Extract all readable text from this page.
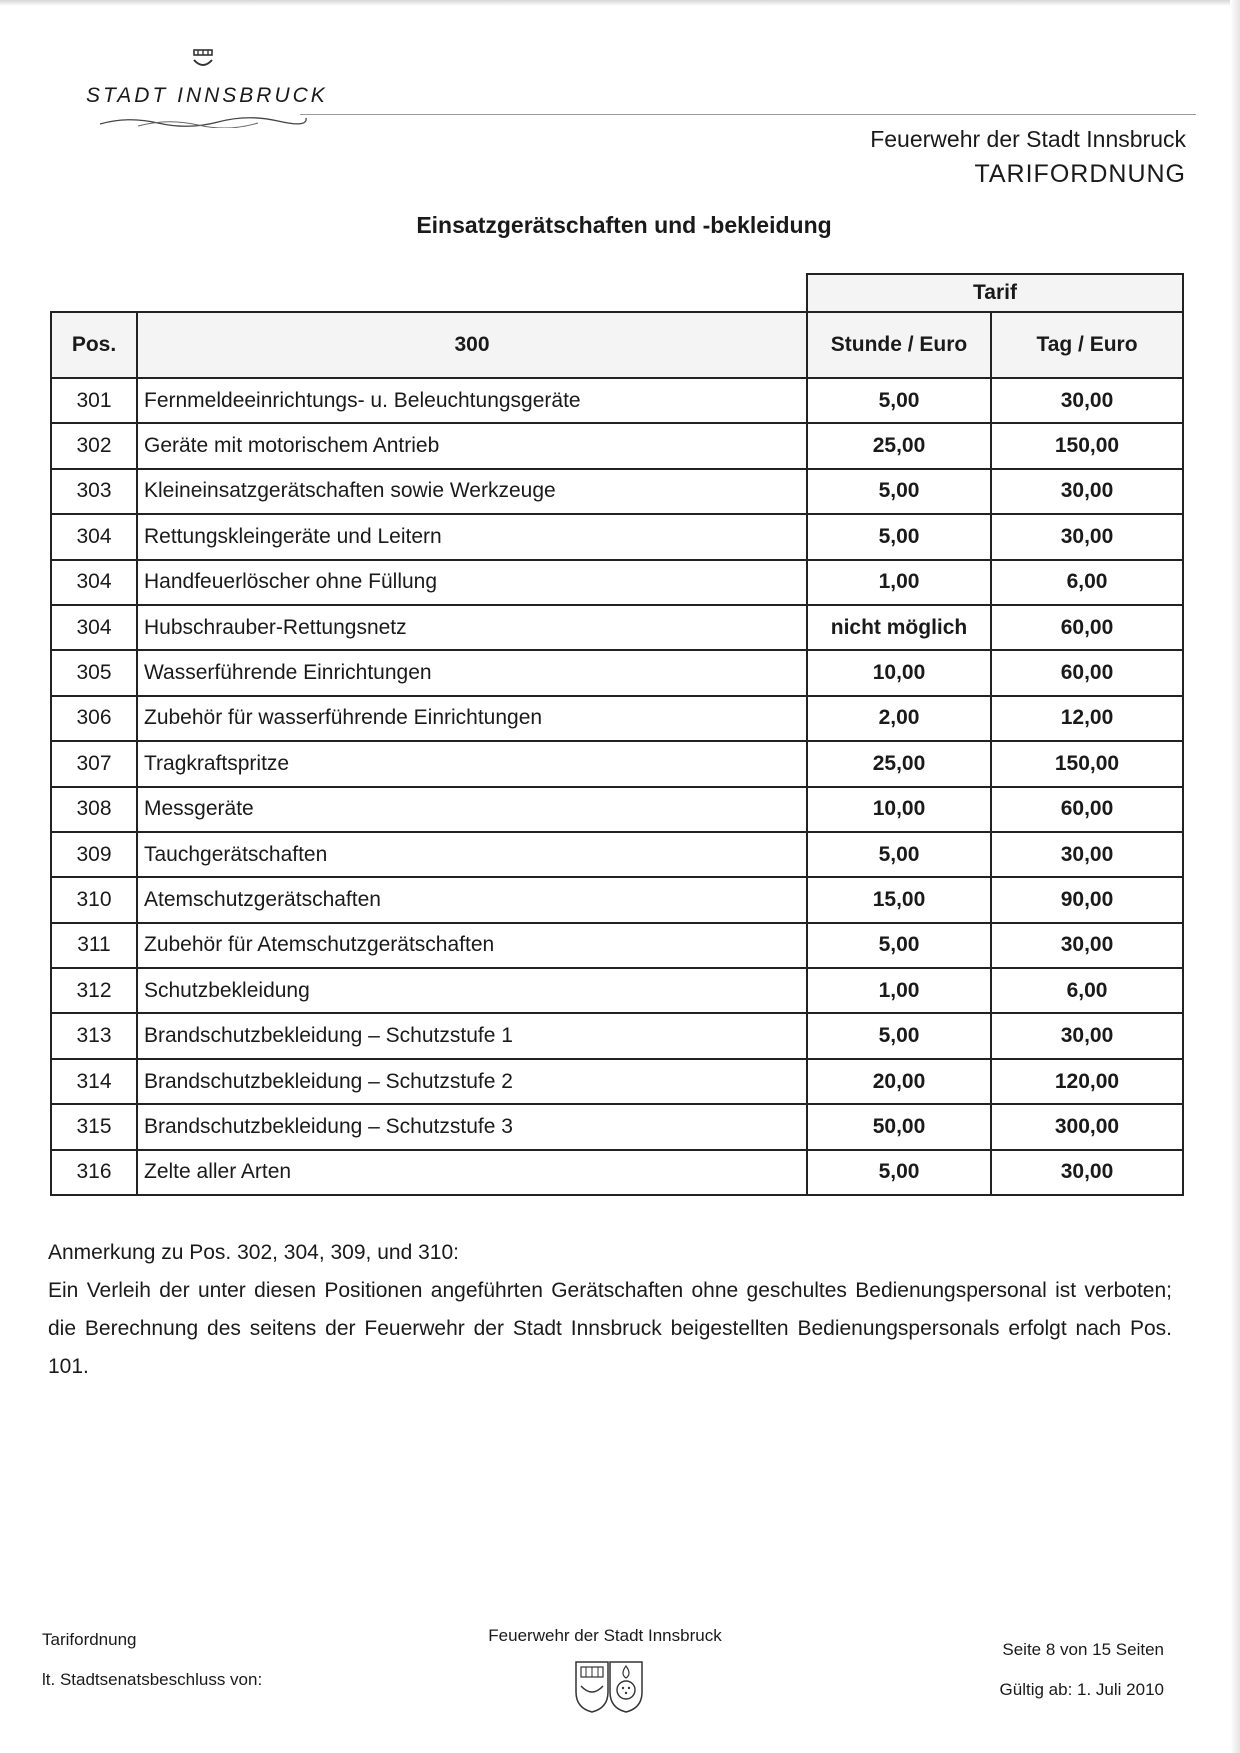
STADT INNSBRUCK
Feuerwehr der Stadt Innsbruck
TARIFORDNUNG
Einsatzgerätschaften und -bekleidung
		Tarif	
Pos.	300	Stunde / Euro	Tag / Euro
301	Fernmeldeeinrichtungs- u. Beleuchtungsgeräte	5,00	30,00
302	Geräte mit motorischem Antrieb	25,00	150,00
303	Kleineinsatzgerätschaften sowie Werkzeuge	5,00	30,00
304	Rettungskleingeräte und Leitern	5,00	30,00
304	Handfeuerlöscher ohne Füllung	1,00	6,00
304	Hubschrauber-Rettungsnetz	nicht möglich	60,00
305	Wasserführende Einrichtungen	10,00	60,00
306	Zubehör für wasserführende Einrichtungen	2,00	12,00
307	Tragkraftspritze	25,00	150,00
308	Messgeräte	10,00	60,00
309	Tauchgerätschaften	5,00	30,00
310	Atemschutzgerätschaften	15,00	90,00
311	Zubehör für Atemschutzgerätschaften	5,00	30,00
312	Schutzbekleidung	1,00	6,00
313	Brandschutzbekleidung – Schutzstufe 1	5,00	30,00
314	Brandschutzbekleidung – Schutzstufe 2	20,00	120,00
315	Brandschutzbekleidung – Schutzstufe 3	50,00	300,00
316	Zelte aller Arten	5,00	30,00
Anmerkung zu Pos. 302, 304, 309, und 310:
Ein Verleih der unter diesen Positionen angeführten Gerätschaften ohne geschultes Bedienungspersonal ist verboten; die Berechnung des seitens der Feuerwehr der Stadt Innsbruck beigestellten Bedienungspersonals erfolgt nach Pos. 101.
Tarifordnung
lt. Stadtsenatsbeschluss von:
Feuerwehr der Stadt Innsbruck
Seite 8 von 15 Seiten
Gültig ab: 1. Juli 2010
